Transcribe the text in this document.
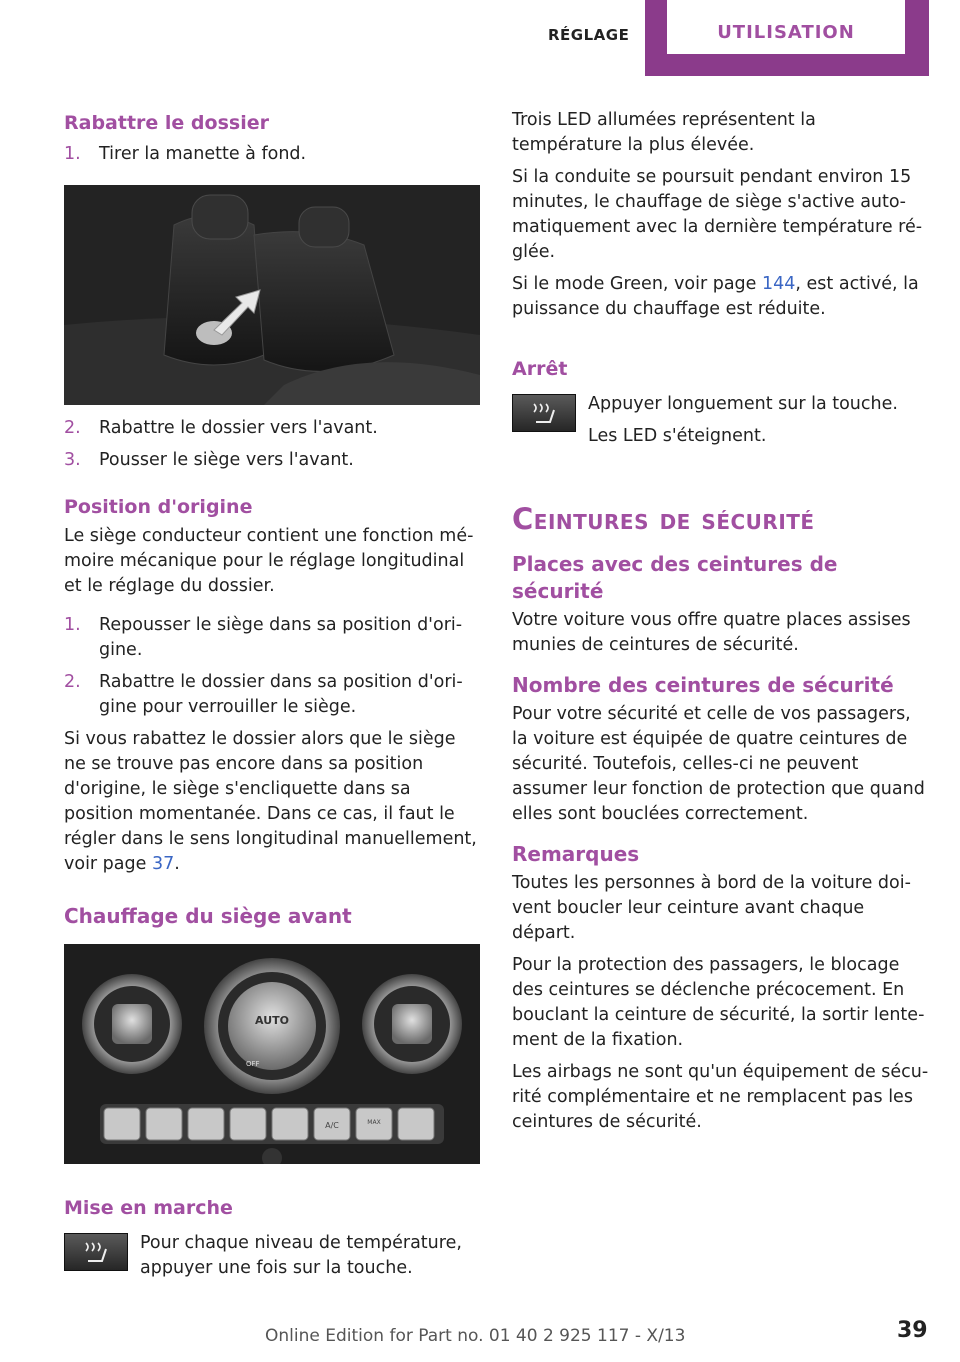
RÉGLAGE	UTILISATION
Rabattre le dossier
1. Tirer la manette à fond.
2. Rabattre le dossier vers l'avant.
3. Pousser le siège vers l'avant.
Position d'origine

Le siège conducteur contient une fonction mémoire mécanique pour le réglage longitudinal et le réglage du dossier.

1. Repousser le siège dans sa position d'origine.
2. Rabattre le dossier dans sa position d'origine pour verrouiller le siège.

Si vous rabattez le dossier alors que le siège ne se trouve pas encore dans sa position d'origine, le siège s'encliquette dans sa position momentanée. Dans ce cas, il faut le régler dans le sens longitudinal manuellement, voir page 37.

Chauffage du siège avant
AUTO
OFF
A/C	MAX
Mise en marche

Pour chaque niveau de température, appuyer une fois sur la touche.

Trois LED allumées représentent la température la plus élevée.

Si la conduite se poursuit pendant environ 15 minutes, le chauffage de siège s'active automatiquement avec la dernière température réglée.

Si le mode Green, voir page 144, est activé, la puissance du chauffage est réduite.

Arrêt

Appuyer longuement sur la touche.

Les LED s'éteignent.

Ceintures de sécurité
Places avec des ceintures de sécurité

Votre voiture vous offre quatre places assises munies de ceintures de sécurité.

Nombre des ceintures de sécurité

Pour votre sécurité et celle de vos passagers, la voiture est équipée de quatre ceintures de sécurité. Toutefois, celles-ci ne peuvent assumer leur fonction de protection que quand elles sont bouclées correctement.

Remarques

Toutes les personnes à bord de la voiture doivent boucler leur ceinture avant chaque départ.

Pour la protection des passagers, le blocage des ceintures se déclenche précocement. En bouclant la ceinture de sécurité, la sortir lentement de la fixation.

Les airbags ne sont qu'un équipement de sécurité complémentaire et ne remplacent pas les ceintures de sécurité.

Online Edition for Part no. 01 40 2 925 117 - X/13	39
